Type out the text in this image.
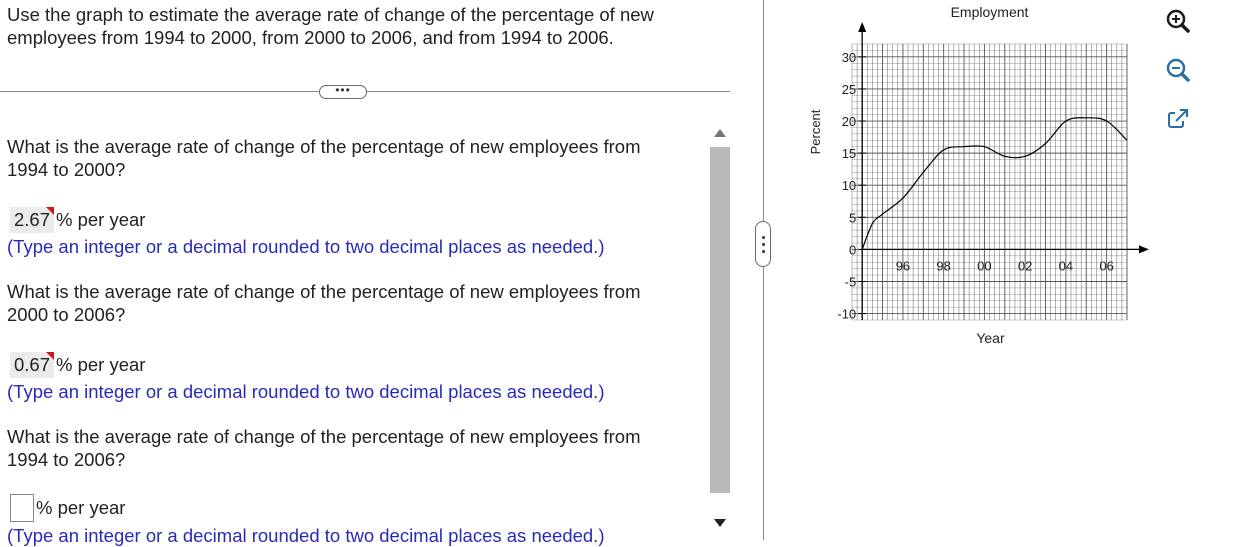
Use the graph to estimate the average rate of change of the percentage of new
employees from 1994 to 2000, from 2000 to 2006, and from 1994 to 2006.
•••
What is the average rate of change of the percentage of new employees from
1994 to 2000?
2.67 % per year
(Type an integer or a decimal rounded to two decimal places as needed.)
What is the average rate of change of the percentage of new employees from
2000 to 2006?
0.67 % per year
(Type an integer or a decimal rounded to two decimal places as needed.)
What is the average rate of change of the percentage of new employees from
1994 to 2006?
% per year
(Type an integer or a decimal rounded to two decimal places as needed.)
-10
-5
0
5
10
15
20
25
30
96 98 00 02 04 06
Employment
Year
Percent
